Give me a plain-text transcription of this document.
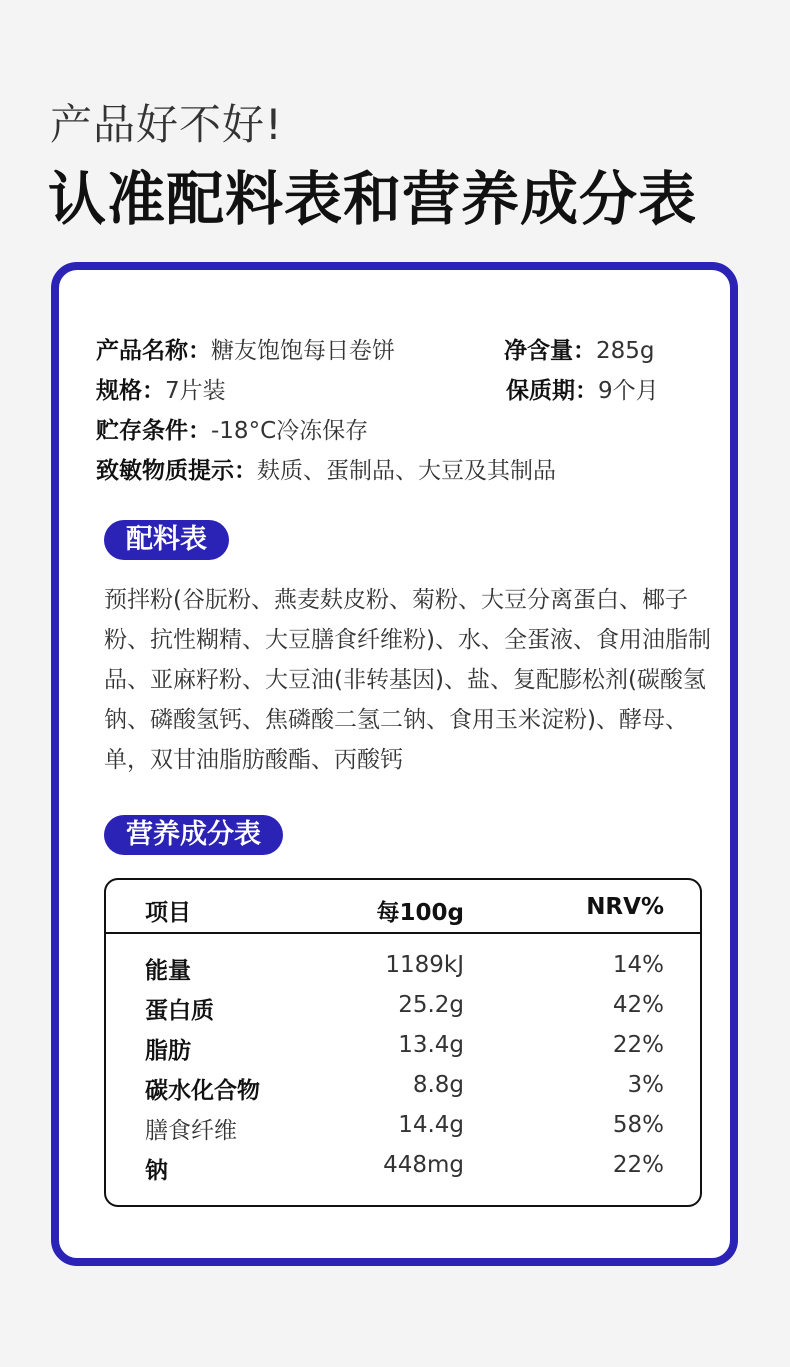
产品好不好!
认准配料表和营养成分表
产品名称：糖友饱饱每日卷饼	净含量：285g
规格：7片装	保质期：9个月
贮存条件：-18°C冷冻保存
致敏物质提示：麸质、蛋制品、大豆及其制品
配料表
预拌粉(谷朊粉、燕麦麸皮粉、菊粉、大豆分离蛋白、椰子粉、抗性糊精、大豆膳食纤维粉)、水、全蛋液、食用油脂制品、亚麻籽粉、大豆油(非转基因)、盐、复配膨松剂(碳酸氢钠、磷酸氢钙、焦磷酸二氢二钠、食用玉米淀粉)、酵母、单，双甘油脂肪酸酯、丙酸钙
营养成分表
项目	每100g	NRV%
能量	1189kJ	14%
蛋白质	25.2g	42%
脂肪	13.4g	22%
碳水化合物	8.8g	3%
膳食纤维	14.4g	58%
钠	448mg	22%
